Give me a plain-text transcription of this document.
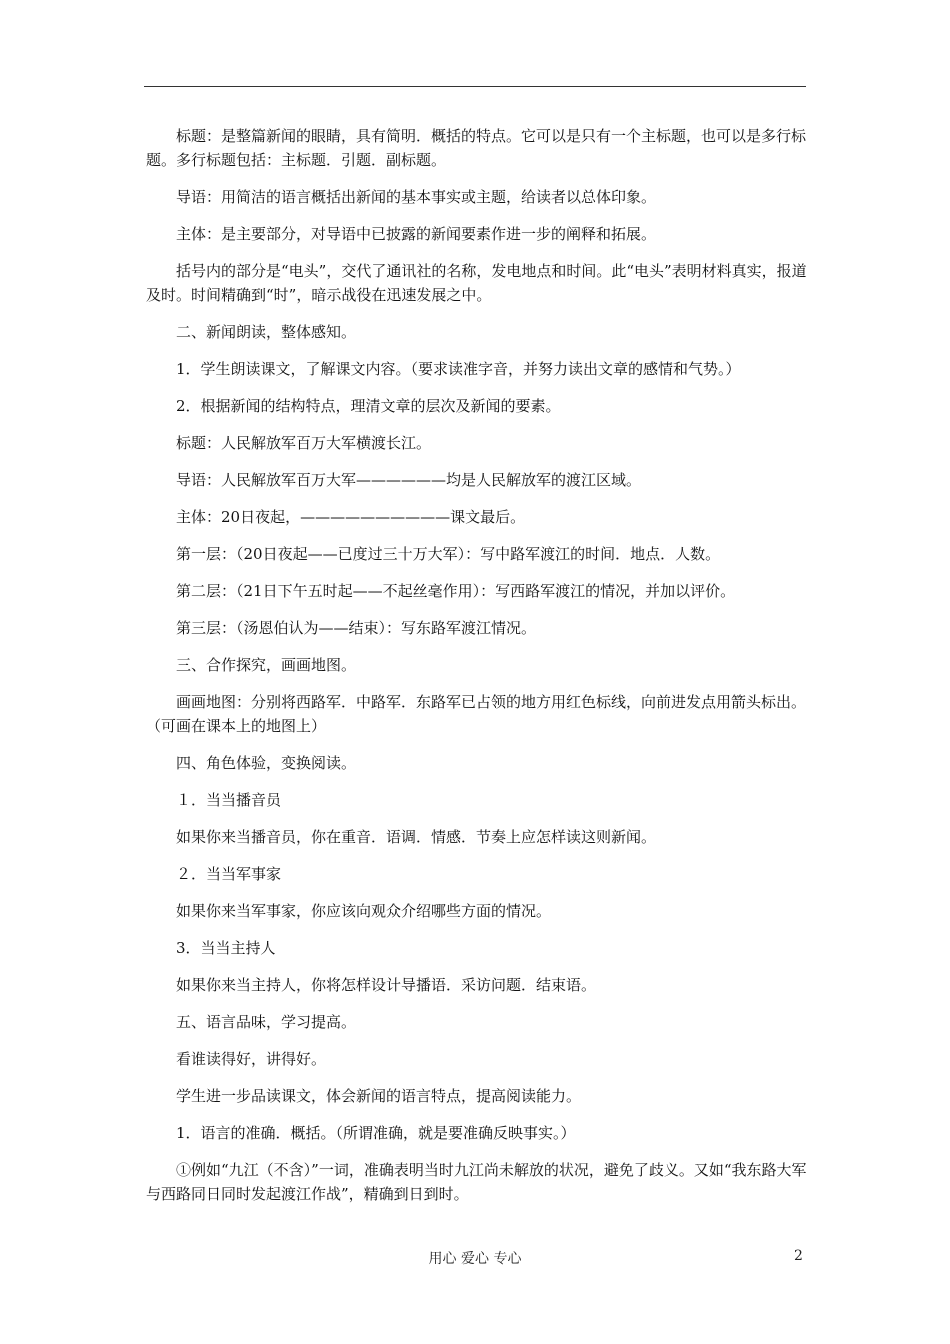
标题：是整篇新闻的眼睛，具有简明．概括的特点。它可以是只有一个主标题，也可以是多行标题。多行标题包括：主标题．引题．副标题。

导语：用简洁的语言概括出新闻的基本事实或主题，给读者以总体印象。

主体：是主要部分，对导语中已披露的新闻要素作进一步的阐释和拓展。

括号内的部分是“电头”，交代了通讯社的名称，发电地点和时间。此“电头”表明材料真实，报道及时。时间精确到“时”，暗示战役在迅速发展之中。

二、新闻朗读，整体感知。

1．学生朗读课文，了解课文内容。（要求读准字音，并努力读出文章的感情和气势。）

2．根据新闻的结构特点，理清文章的层次及新闻的要素。

标题：人民解放军百万大军横渡长江。

导语：人民解放军百万大军——————均是人民解放军的渡江区域。

主体：20日夜起，——————————课文最后。

第一层：（20日夜起——已度过三十万大军）：写中路军渡江的时间．地点．人数。

第二层：（21日下午五时起——不起丝毫作用）：写西路军渡江的情况，并加以评价。

第三层：（汤恩伯认为——结束）：写东路军渡江情况。

三、合作探究，画画地图。

画画地图：分别将西路军．中路军．东路军已占领的地方用红色标线，向前进发点用箭头标出。（可画在课本上的地图上）

四、角色体验，变换阅读。

１．当当播音员

如果你来当播音员，你在重音．语调．情感．节奏上应怎样读这则新闻。

２．当当军事家

如果你来当军事家，你应该向观众介绍哪些方面的情况。

3．当当主持人

如果你来当主持人，你将怎样设计导播语．采访问题．结束语。

五、语言品味，学习提高。

看谁读得好，讲得好。

学生进一步品读课文，体会新闻的语言特点，提高阅读能力。

1．语言的准确．概括。（所谓准确，就是要准确反映事实。）

①例如“九江（不含）”一词，准确表明当时九江尚未解放的状况，避免了歧义。又如“我东路大军与西路同日同时发起渡江作战”，精确到日到时。

用心 爱心 专心	2
